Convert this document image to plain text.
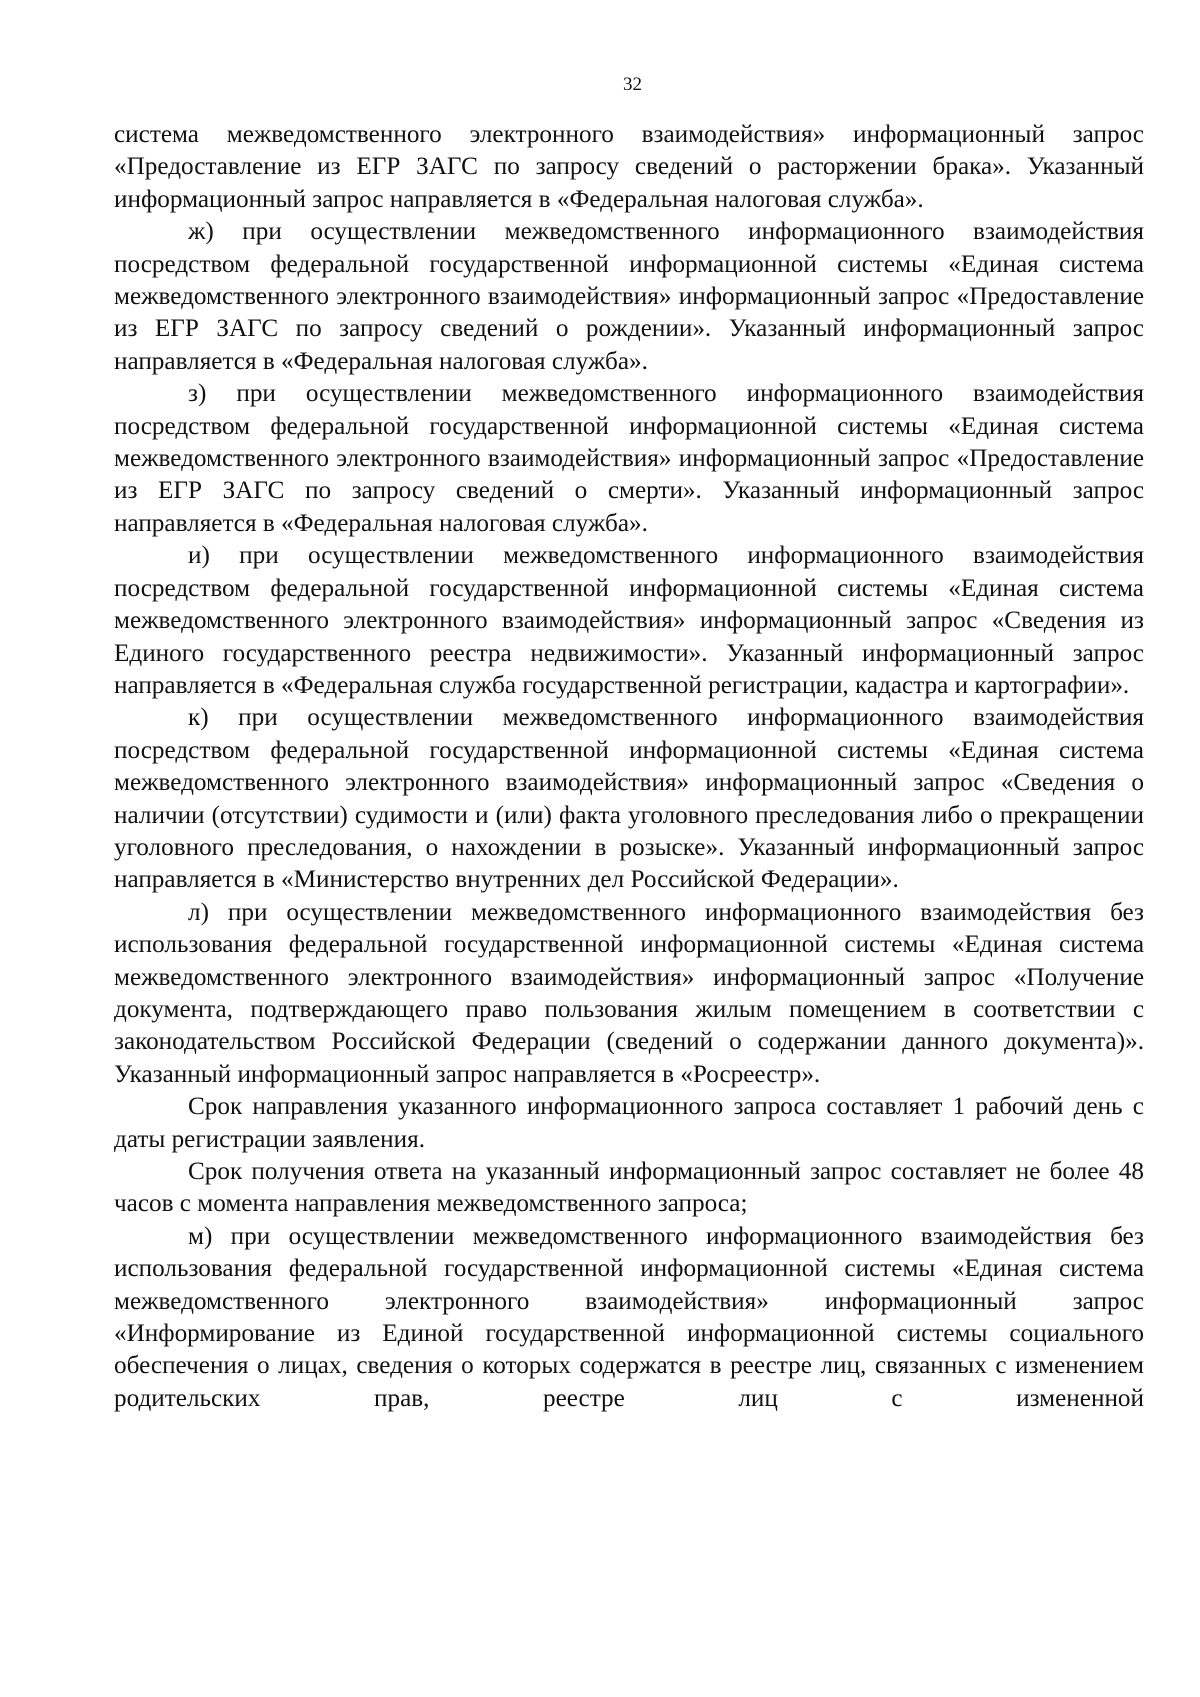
32

система межведомственного электронного взаимодействия» информационный запрос «Предоставление из ЕГР ЗАГС по запросу сведений о расторжении брака». Указанный информационный запрос направляется в «Федеральная налоговая служба».

ж) при осуществлении межведомственного информационного взаимодействия посредством федеральной государственной информационной системы «Единая система межведомственного электронного взаимодействия» информационный запрос «Предоставление из ЕГР ЗАГС по запросу сведений о рождении». Указанный информационный запрос направляется в «Федеральная налоговая служба».

з) при осуществлении межведомственного информационного взаимодействия посредством федеральной государственной информационной системы «Единая система межведомственного электронного взаимодействия» информационный запрос «Предоставление из ЕГР ЗАГС по запросу сведений о смерти». Указанный информационный запрос направляется в «Федеральная налоговая служба».

и) при осуществлении межведомственного информационного взаимодействия посредством федеральной государственной информационной системы «Единая система межведомственного электронного взаимодействия» информационный запрос «Сведения из Единого государственного реестра недвижимости». Указанный информационный запрос направляется в «Федеральная служба государственной регистрации, кадастра и картографии».

к) при осуществлении межведомственного информационного взаимодействия посредством федеральной государственной информационной системы «Единая система межведомственного электронного взаимодействия» информационный запрос «Сведения о наличии (отсутствии) судимости и (или) факта уголовного преследования либо о прекращении уголовного преследования, о нахождении в розыске». Указанный информационный запрос направляется в «Министерство внутренних дел Российской Федерации».

л) при осуществлении межведомственного информационного взаимодействия без использования федеральной государственной информационной системы «Единая система межведомственного электронного взаимодействия» информационный запрос «Получение документа, подтверждающего право пользования жилым помещением в соответствии с законодательством Российской Федерации (сведений о содержании данного документа)». Указанный информационный запрос направляется в «Росреестр».

Срок направления указанного информационного запроса составляет 1 рабочий день с даты регистрации заявления.

Срок получения ответа на указанный информационный запрос составляет не более 48 часов с момента направления межведомственного запроса;

м) при осуществлении межведомственного информационного взаимодействия без использования федеральной государственной информационной системы «Единая система межведомственного электронного взаимодействия» информационный запрос «Информирование из Единой государственной информационной системы социального обеспечения о лицах, сведения о которых содержатся в реестре лиц, связанных с изменением родительских прав, реестре лиц с измененной
